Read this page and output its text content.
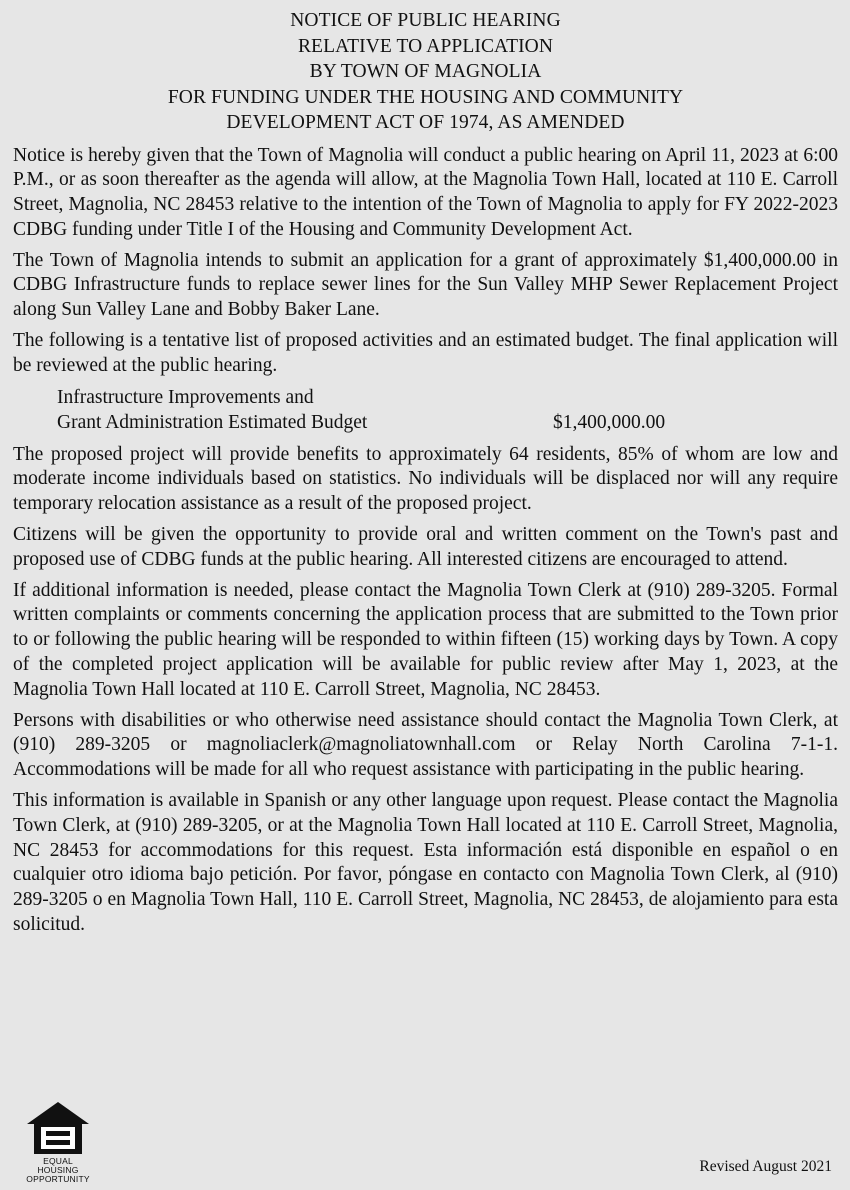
NOTICE OF PUBLIC HEARING
RELATIVE TO APPLICATION
BY TOWN OF MAGNOLIA
FOR FUNDING UNDER THE HOUSING AND COMMUNITY
DEVELOPMENT ACT OF 1974, AS AMENDED

Notice is hereby given that the Town of Magnolia will conduct a public hearing on April 11, 2023 at 6:00 P.M., or as soon thereafter as the agenda will allow, at the Magnolia Town Hall, located at 110 E. Carroll Street, Magnolia, NC 28453 relative to the intention of the Town of Magnolia to apply for FY 2022-2023 CDBG funding under Title I of the Housing and Community Development Act.

The Town of Magnolia intends to submit an application for a grant of approximately $1,400,000.00 in CDBG Infrastructure funds to replace sewer lines for the Sun Valley MHP Sewer Replacement Project along Sun Valley Lane and Bobby Baker Lane.

The following is a tentative list of proposed activities and an estimated budget. The final application will be reviewed at the public hearing.

Infrastructure Improvements and
Grant Administration Estimated Budget	$1,400,000.00

The proposed project will provide benefits to approximately 64 residents, 85% of whom are low and moderate income individuals based on statistics. No individuals will be displaced nor will any require temporary relocation assistance as a result of the proposed project.

Citizens will be given the opportunity to provide oral and written comment on the Town's past and proposed use of CDBG funds at the public hearing. All interested citizens are encouraged to attend.

If additional information is needed, please contact the Magnolia Town Clerk at (910) 289-3205. Formal written complaints or comments concerning the application process that are submitted to the Town prior to or following the public hearing will be responded to within fifteen (15) working days by Town. A copy of the completed project application will be available for public review after May 1, 2023, at the Magnolia Town Hall located at 110 E. Carroll Street, Magnolia, NC 28453.

Persons with disabilities or who otherwise need assistance should contact the Magnolia Town Clerk, at (910) 289-3205 or magnoliaclerk@magnoliatownhall.com or Relay North Carolina 7-1-1. Accommodations will be made for all who request assistance with participating in the public hearing.

This information is available in Spanish or any other language upon request. Please contact the Magnolia Town Clerk, at (910) 289-3205, or at the Magnolia Town Hall located at 110 E. Carroll Street, Magnolia, NC 28453 for accommodations for this request. Esta información está disponible en español o en cualquier otro idioma bajo petición. Por favor, póngase en contacto con Magnolia Town Clerk, al (910) 289-3205 o en Magnolia Town Hall, 110 E. Carroll Street, Magnolia, NC 28453, de alojamiento para esta solicitud.

EQUAL HOUSING
OPPORTUNITY
Revised August 2021
